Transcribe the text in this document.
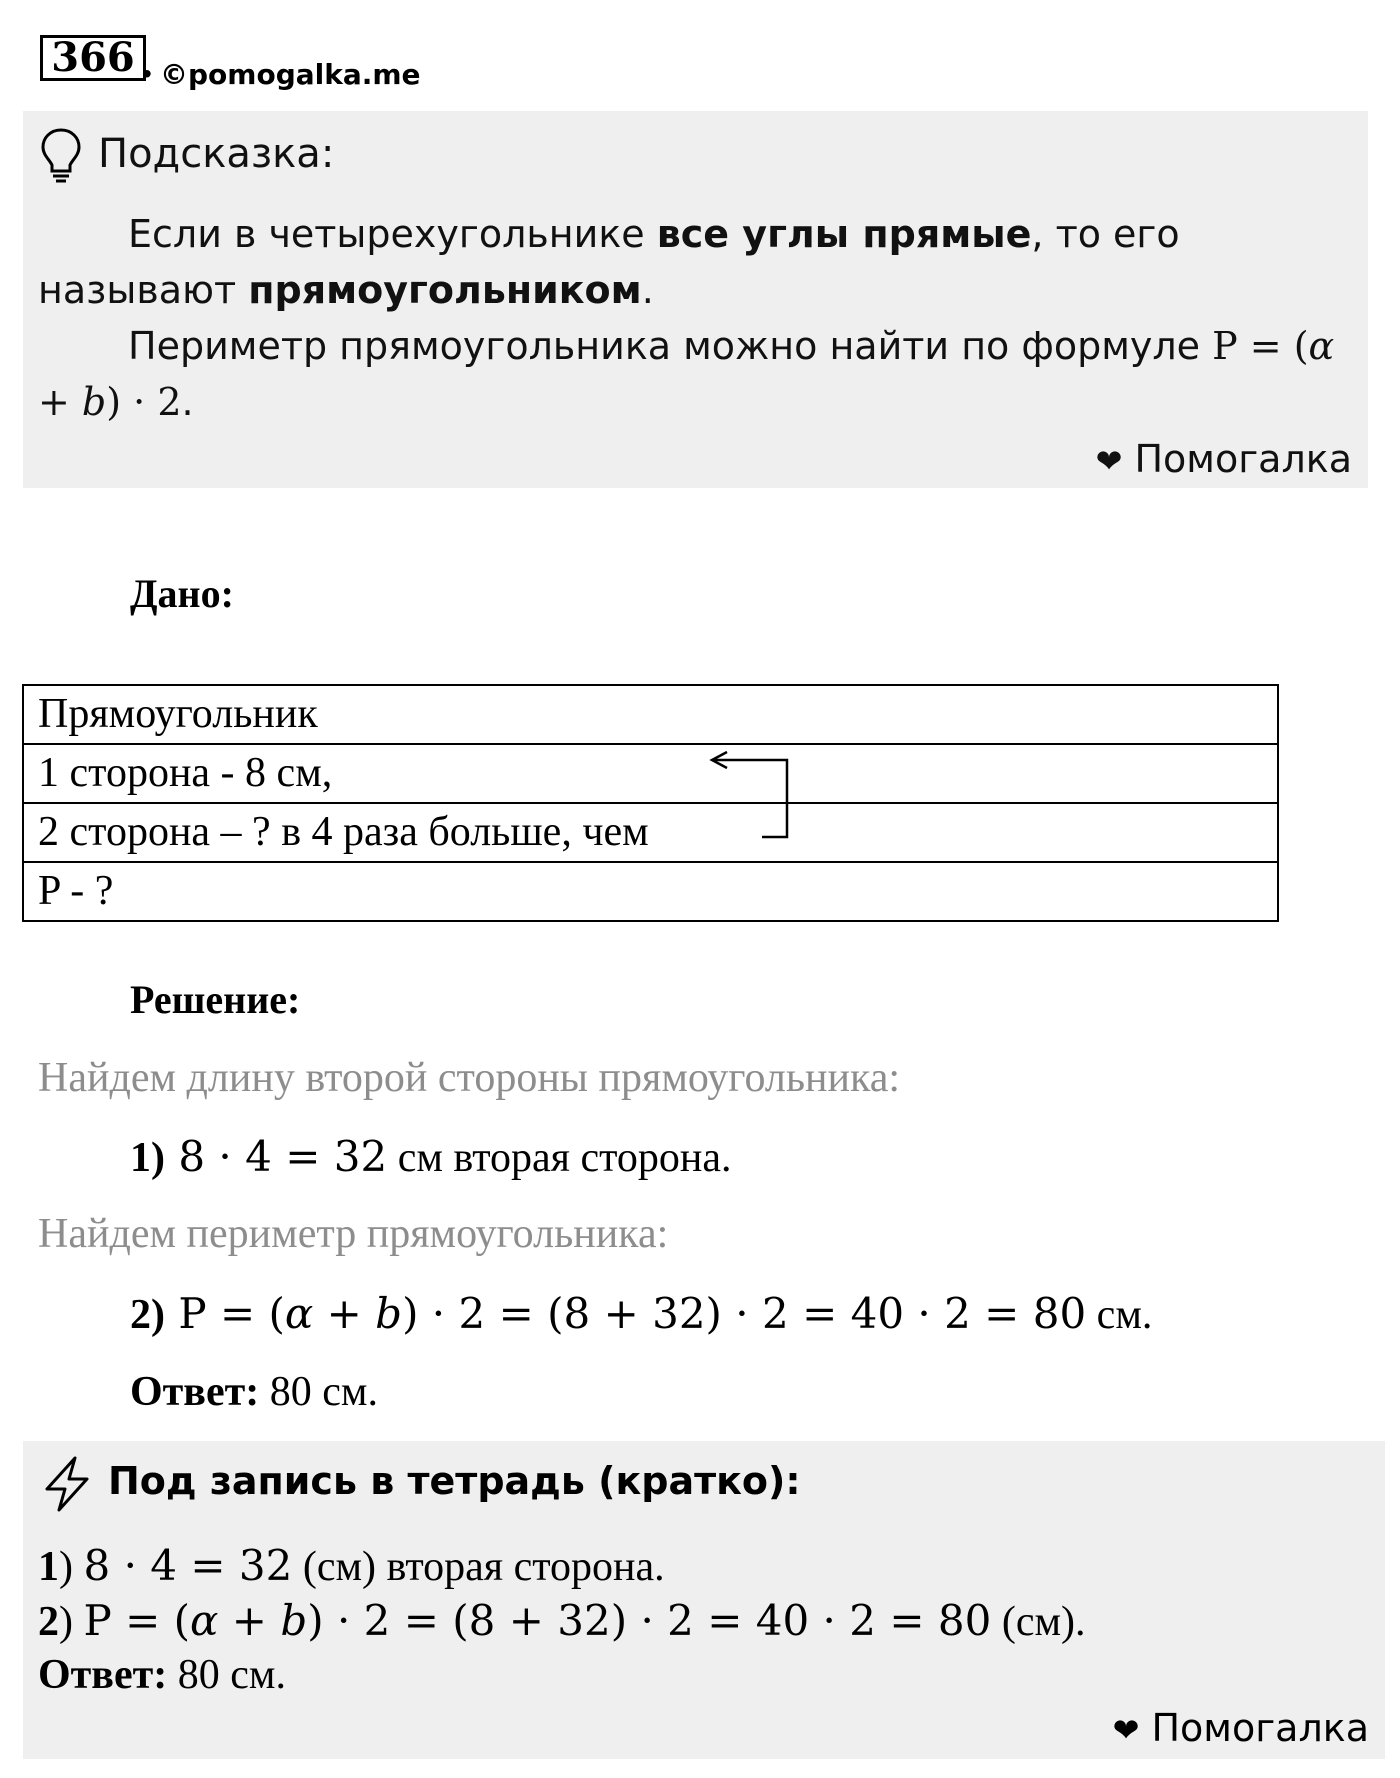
366 . ©pomogalka.me
Подсказка:
Если в четырехугольнике все углы прямые, то его называют прямоугольником.
Периметр прямоугольника можно найти по формуле P = (α + b) · 2.
❤ Помогалка
Дано:
Прямоугольник
1 сторона - 8 см,
2 сторона – ? в 4 раза больше, чем
P - ?
Решение:
Найдем длину второй стороны прямоугольника:
1) 8 · 4 = 32 см вторая сторона.
Найдем периметр прямоугольника:
2) P = (α + b) · 2 = (8 + 32) · 2 = 40 · 2 = 80 см.
Ответ: 80 см.
Под запись в тетрадь (кратко):
1) 8 · 4 = 32 (см) вторая сторона.
2) P = (α + b) · 2 = (8 + 32) · 2 = 40 · 2 = 80 (см).
Ответ: 80 см.
❤ Помогалка
